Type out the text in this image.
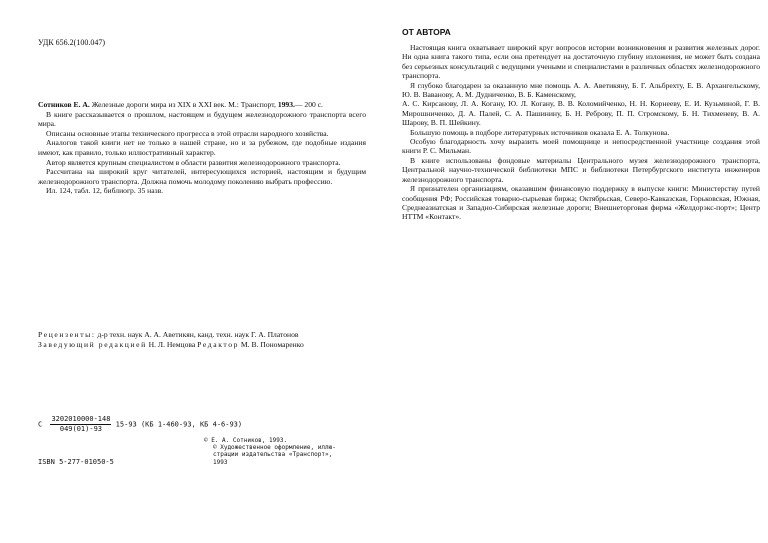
УДК 656.2(100.047)

Сотников Е. А. Железные дороги мира из XIX в XXI век. М.: Транспорт, 1993.— 200 с.

В книге рассказывается о прошлом, настоящем и будущем железнодорожного транспорта всего мира.

Описаны основные этапы технического прогресса в этой отрасли народного хозяйства.

Аналогов такой книги нет не только в нашей стране, но и за рубежом, где подобные издания имеют, как правило, только иллюстративный характер.

Автор является крупным специалистом в области развития железнодорожного транспорта.

Рассчитана на широкий круг читателей, интересующихся историей, настоящим и будущим железнодорожного транспорта. Должна помочь молодому поколению выбрать профессию.

Ил. 124, табл. 12, библиогр. 35 назв.

Рецензенты: д-р техн. наук А. А. Аветикян, канд. техн. наук Г. А. Платонов

Заведующий редакцией Н. Л. Немцова Редактор М. В. Пономаренко

С $\frac{3202010000-148}{049(01)-93} 15-93$ (КБ 1-460-93, КБ 4-6-93)
© Е. А. Сотников, 1993.
© Художественное оформление, иллю-
страции издательства «Транспорт»,
1993
ISBN 5-277-01050-5
ОТ АВТОРА

Настоящая книга охватывает широкий круг вопросов истории возникновения и развития железных дорог. Ни одна книга такого типа, если она претендует на достаточную глубину изложения, не может быть создана без серьезных консультаций с ведущими учеными и специалистами в различных областях железнодорожного транспорта.

Я глубоко благодарен за оказанную мне помощь А. А. Аветикяну, Б. Г. Альбрехту, Е. В. Архангельскому, Ю. В. Ваванову, А. М. Дудниченко, В. Б. Каменскому,

А. С. Кирсанову, Л. А. Когану, Ю. Л. Когану, В. В. Коломийченко, Н. Н. Корнееву, Е. И. Кузьминой, Г. В. Мирошниченко, Д. А. Палей, С. А. Пашинину, Б. Н. Реброву, П. П. Стромскому, Б. Н. Тихменеву, В. А. Шарову, В. П. Шейкину.

Большую помощь в подборе литературных источников оказала Е. А. Толкунова.

Особую благодарность хочу выразить моей помощнице и непосредственной участнице создания этой книги Р. С. Мильман.

В книге использованы фондовые материалы Центрального музея железнодорожного транспорта, Центральной научно-технической библиотеки МПС и библиотеки Петербургского института инженеров железнодорожного транспорта.

Я признателен организациям, оказавшим финансовую поддержку в выпуске книги: Министерству путей сообщения РФ; Российская товарно-сырьевая биржа; Октябрьская, Северо-Кавказская, Горьковская, Южная, Среднеазиатская и Западно-Сибирская железные дороги; Внешнеторговая фирма «Желдорэкс-порт»; Центр НТТМ «Контакт».
